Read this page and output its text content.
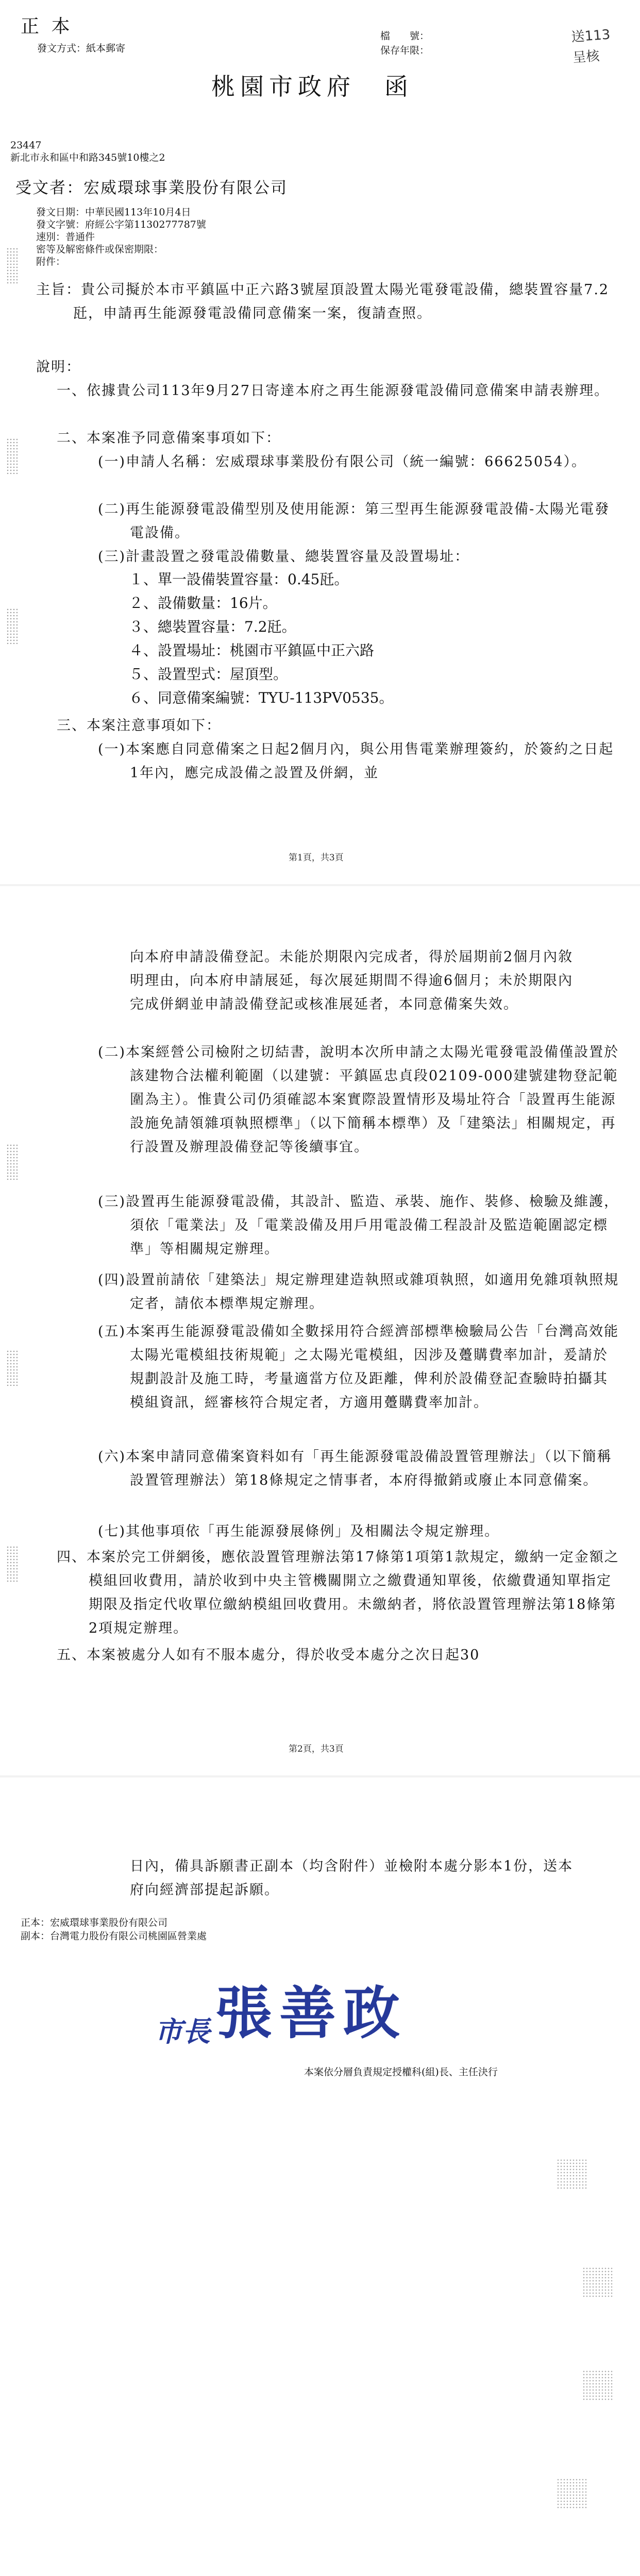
正 本
發文方式：紙本郵寄
檔　　號：
保存年限：
送113
呈核
桃園市政府　函
23447
新北市永和區中和路345號10樓之2
受文者：宏威環球事業股份有限公司
發文日期：中華民國113年10月4日
發文字號：府經公字第1130277787號
速別：普通件
密等及解密條件或保密期限：
附件：
主旨：貴公司擬於本市平鎮區中正六路3號屋頂設置太陽光電發電設備，總裝置容量7.2瓩，申請再生能源發電設備同意備案一案，復請查照。
說明：
一、依據貴公司113年9月27日寄達本府之再生能源發電設備同意備案申請表辦理。
二、本案准予同意備案事項如下：
(一)申請人名稱：宏威環球事業股份有限公司（統一編號：66625054）。
(二)再生能源發電設備型別及使用能源：第三型再生能源發電設備-太陽光電發電設備。
(三)計畫設置之發電設備數量、總裝置容量及設置場址：
１、單一設備裝置容量：0.45瓩。
２、設備數量：16片。
３、總裝置容量：7.2瓩。
４、設置場址：桃園市平鎮區中正六路
５、設置型式：屋頂型。
６、同意備案編號：TYU-113PV0535。
三、本案注意事項如下：
(一)本案應自同意備案之日起2個月內，與公用售電業辦理簽約，於簽約之日起1年內，應完成設備之設置及併網，並
第1頁，共3頁
向本府申請設備登記。未能於期限內完成者，得於屆期前2個月內敘明理由，向本府申請展延，每次展延期間不得逾6個月；未於期限內完成併網並申請設備登記或核准展延者，本同意備案失效。
(二)本案經營公司檢附之切結書，說明本次所申請之太陽光電發電設備僅設置於該建物合法權利範圍（以建號：平鎮區忠貞段02109-000建號建物登記範圍為主）。惟貴公司仍須確認本案實際設置情形及場址符合「設置再生能源設施免請領雜項執照標準」（以下簡稱本標準）及「建築法」相關規定，再行設置及辦理設備登記等後續事宜。
(三)設置再生能源發電設備，其設計、監造、承裝、施作、裝修、檢驗及維護，須依「電業法」及「電業設備及用戶用電設備工程設計及監造範圍認定標準」等相關規定辦理。
(四)設置前請依「建築法」規定辦理建造執照或雜項執照，如適用免雜項執照規定者，請依本標準規定辦理。
(五)本案再生能源發電設備如全數採用符合經濟部標準檢驗局公告「台灣高效能太陽光電模組技術規範」之太陽光電模組，因涉及躉購費率加計，爰請於規劃設計及施工時，考量適當方位及距離，俾利於設備登記查驗時拍攝其模組資訊，經審核符合規定者，方適用躉購費率加計。
(六)本案申請同意備案資料如有「再生能源發電設備設置管理辦法」（以下簡稱設置管理辦法）第18條規定之情事者，本府得撤銷或廢止本同意備案。
(七)其他事項依「再生能源發展條例」及相關法令規定辦理。
四、本案於完工併網後，應依設置管理辦法第17條第1項第1款規定，繳納一定金額之模組回收費用，請於收到中央主管機關開立之繳費通知單後，依繳費通知單指定期限及指定代收單位繳納模組回收費用。未繳納者，將依設置管理辦法第18條第2項規定辦理。
五、本案被處分人如有不服本處分，得於收受本處分之次日起30
第2頁，共3頁
日內，備具訴願書正副本（均含附件）並檢附本處分影本1份，送本府向經濟部提起訴願。
正本：宏威環球事業股份有限公司
副本：台灣電力股份有限公司桃園區營業處
市長張善政
本案依分層負責規定授權科(組)長、主任決行
